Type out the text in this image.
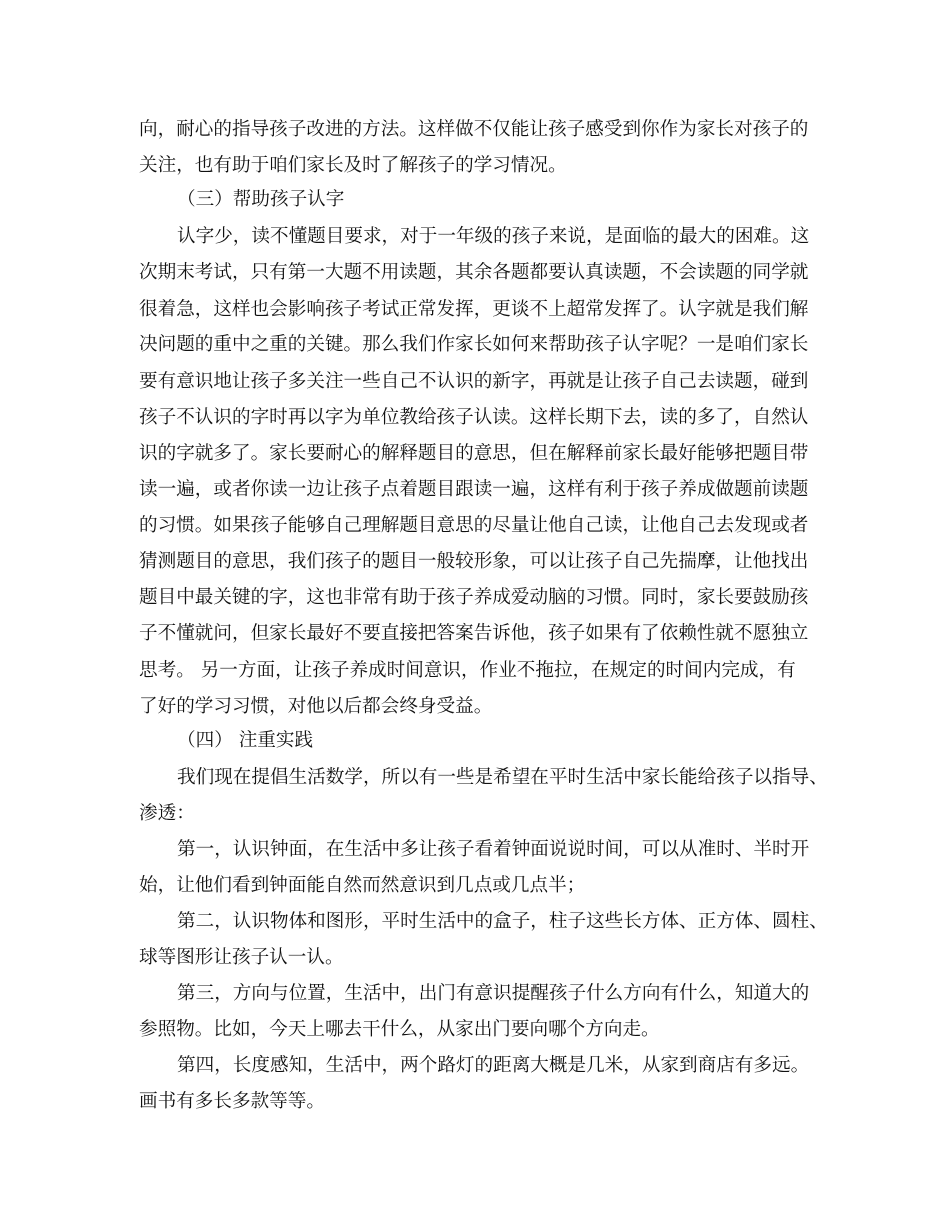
向，耐心的指导孩子改进的方法。这样做不仅能让孩子感受到你作为家长对孩子的
关注，也有助于咱们家长及时了解孩子的学习情况。
（三）帮助孩子认字
认字少，读不懂题目要求，对于一年级的孩子来说，是面临的最大的困难。这
次期末考试，只有第一大题不用读题，其余各题都要认真读题，不会读题的同学就
很着急，这样也会影响孩子考试正常发挥，更谈不上超常发挥了。认字就是我们解
决问题的重中之重的关键。那么我们作家长如何来帮助孩子认字呢？一是咱们家长
要有意识地让孩子多关注一些自己不认识的新字，再就是让孩子自己去读题，碰到
孩子不认识的字时再以字为单位教给孩子认读。这样长期下去，读的多了，自然认
识的字就多了。家长要耐心的解释题目的意思，但在解释前家长最好能够把题目带
读一遍，或者你读一边让孩子点着题目跟读一遍，这样有利于孩子养成做题前读题
的习惯。如果孩子能够自己理解题目意思的尽量让他自己读，让他自己去发现或者
猜测题目的意思，我们孩子的题目一般较形象，可以让孩子自己先揣摩，让他找出
题目中最关键的字，这也非常有助于孩子养成爱动脑的习惯。同时，家长要鼓励孩
子不懂就问，但家长最好不要直接把答案告诉他，孩子如果有了依赖性就不愿独立
思考。 另一方面，让孩子养成时间意识，作业不拖拉，在规定的时间内完成，有
了好的学习习惯，对他以后都会终身受益。
（四） 注重实践
我们现在提倡生活数学，所以有一些是希望在平时生活中家长能给孩子以指导、
渗透：
第一，认识钟面，在生活中多让孩子看着钟面说说时间，可以从准时、半时开
始，让他们看到钟面能自然而然意识到几点或几点半；
第二，认识物体和图形，平时生活中的盒子，柱子这些长方体、正方体、圆柱、
球等图形让孩子认一认。
第三，方向与位置，生活中，出门有意识提醒孩子什么方向有什么，知道大的
参照物。比如，今天上哪去干什么，从家出门要向哪个方向走。
第四，长度感知，生活中，两个路灯的距离大概是几米，从家到商店有多远。
画书有多长多款等等。
